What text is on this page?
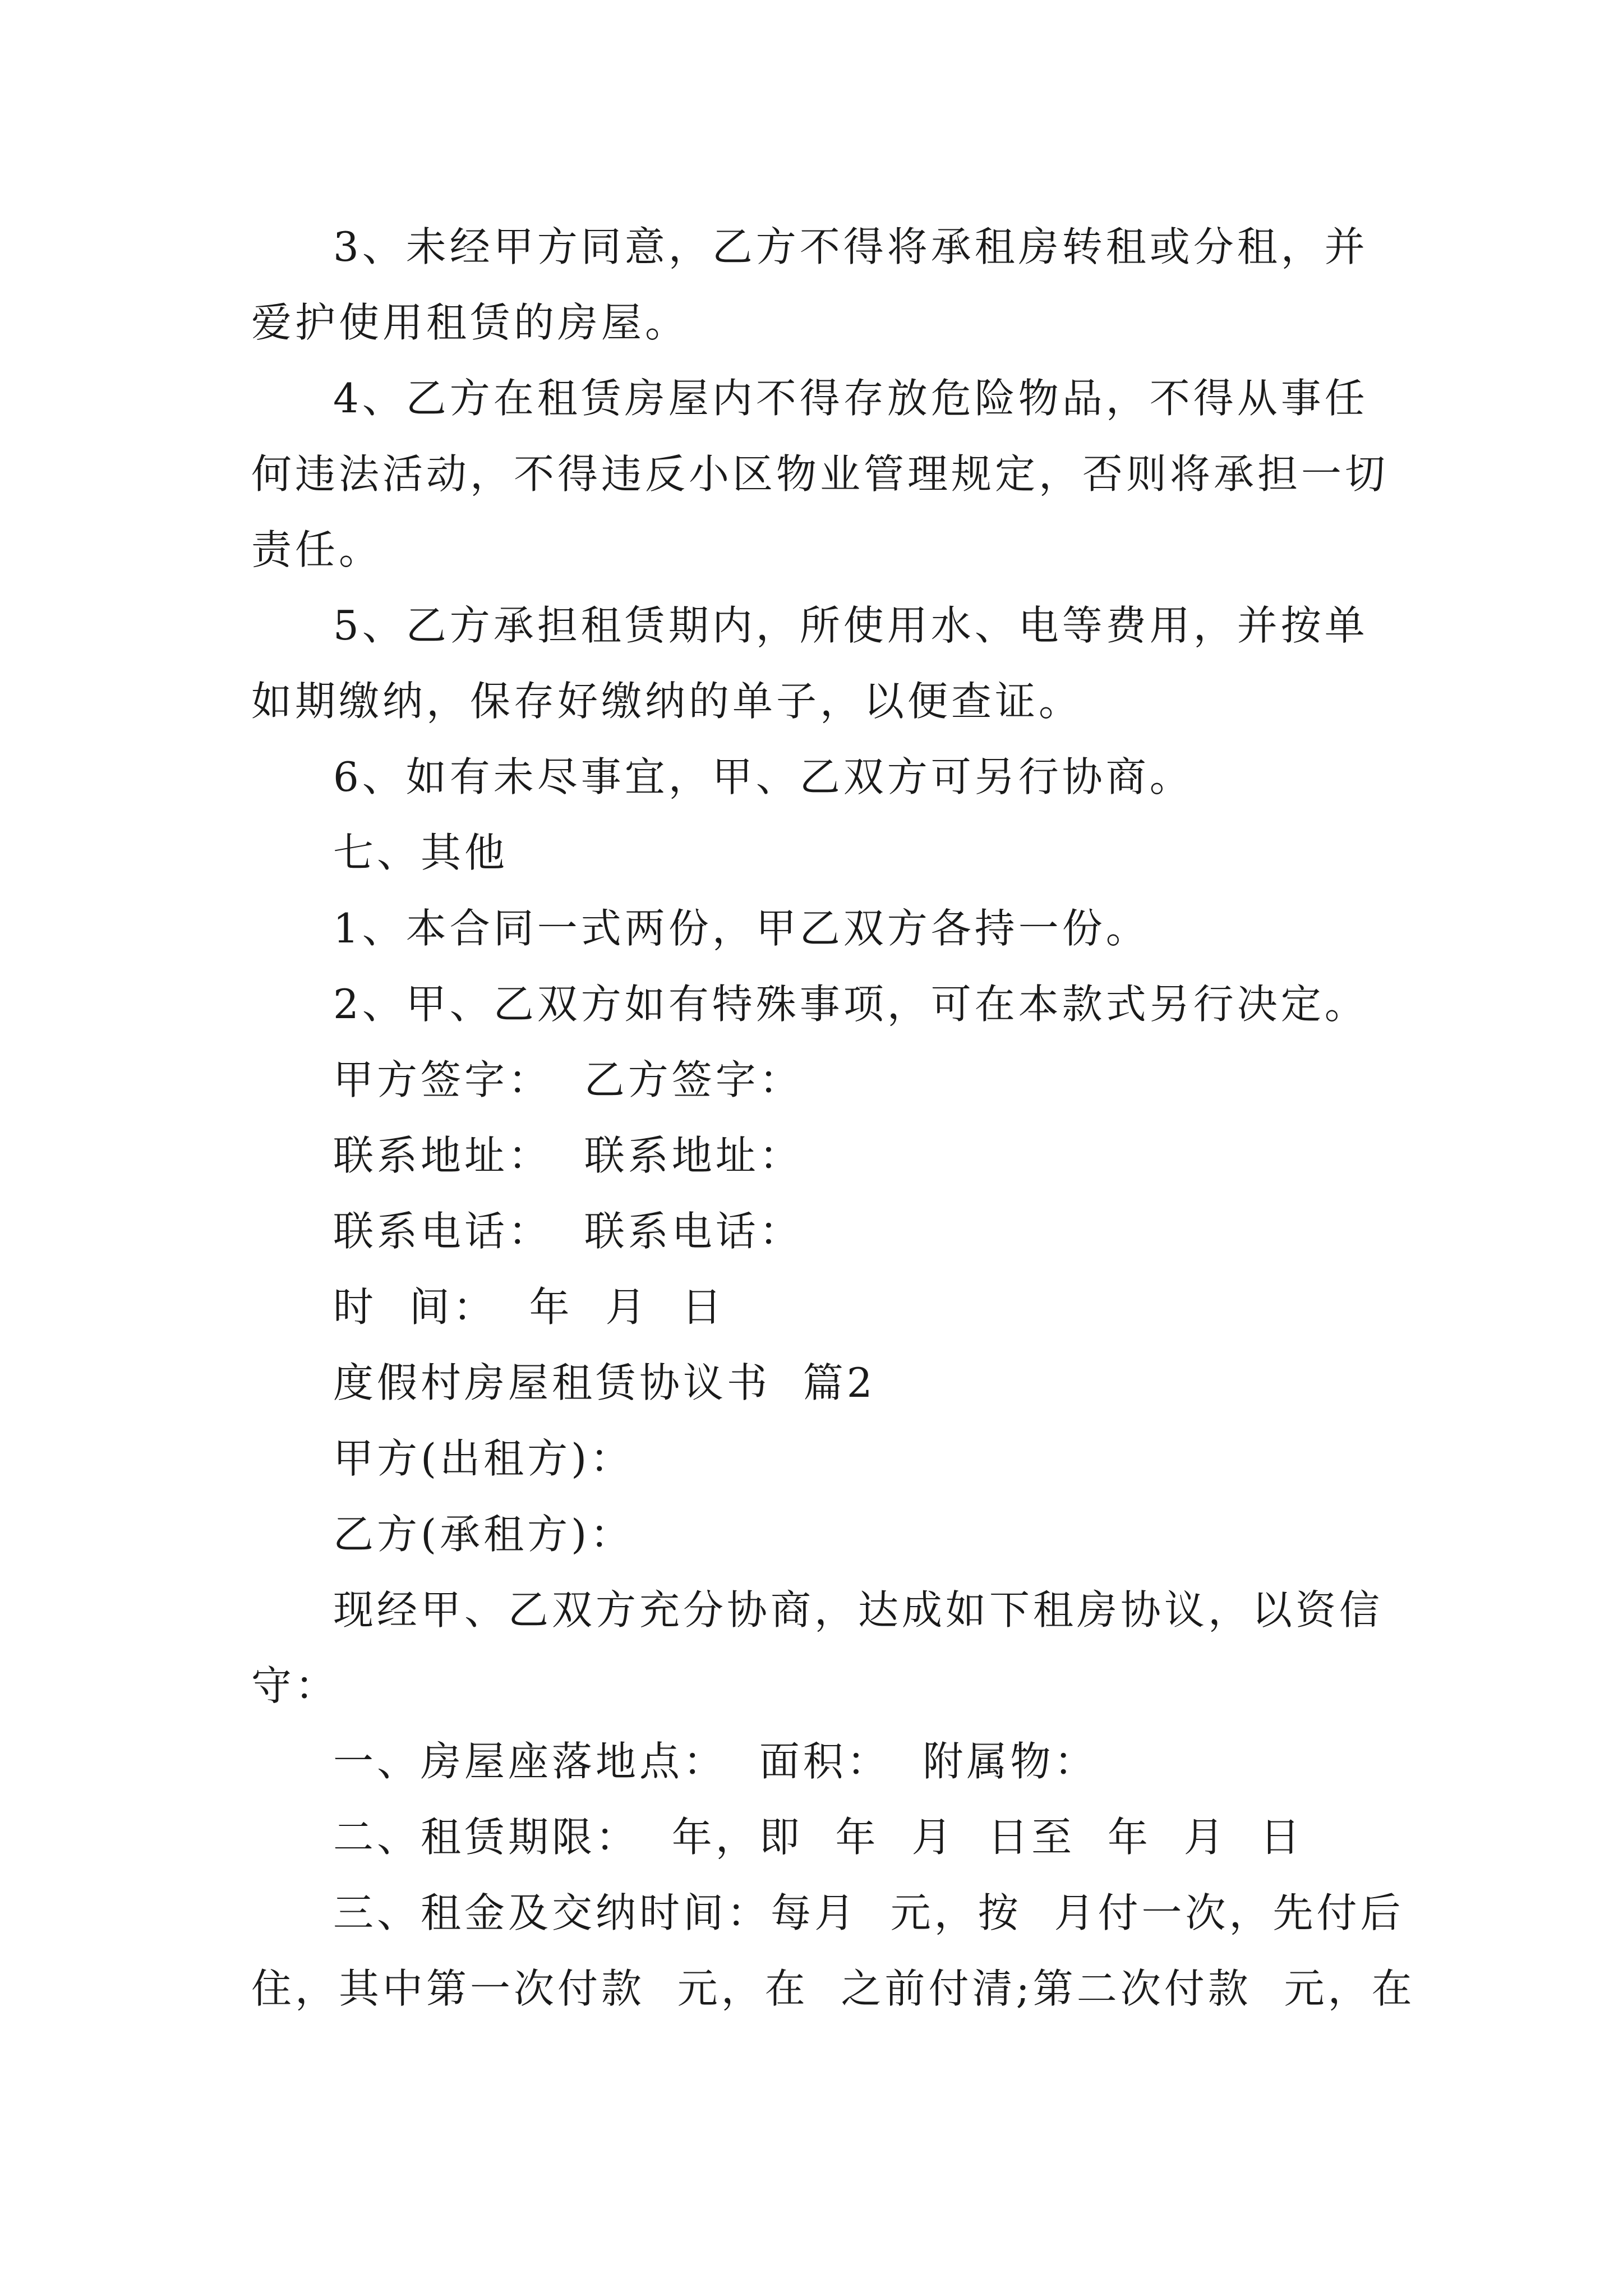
3、未经甲方同意，乙方不得将承租房转租或分租，并
爱护使用租赁的房屋。
4、乙方在租赁房屋内不得存放危险物品，不得从事任
何违法活动，不得违反小区物业管理规定，否则将承担一切
责任。
5、乙方承担租赁期内，所使用水、电等费用，并按单
如期缴纳，保存好缴纳的单子，以便查证。
6、如有未尽事宜，甲、乙双方可另行协商。
七、其他
1、本合同一式两份，甲乙双方各持一份。
2、甲、乙双方如有特殊事项，可在本款式另行决定。
甲方签字：  乙方签字：
联系地址：  联系地址：
联系电话：  联系电话：
时  间：  年  月  日
度假村房屋租赁协议书  篇2
甲方(出租方)：
乙方(承租方)：
现经甲、乙双方充分协商，达成如下租房协议，以资信
守：
一、房屋座落地点：  面积：  附属物：
二、租赁期限：  年，即  年  月  日至  年  月  日
三、租金及交纳时间：每月  元，按  月付一次，先付后
住，其中第一次付款  元，在  之前付清;第二次付款  元，在
